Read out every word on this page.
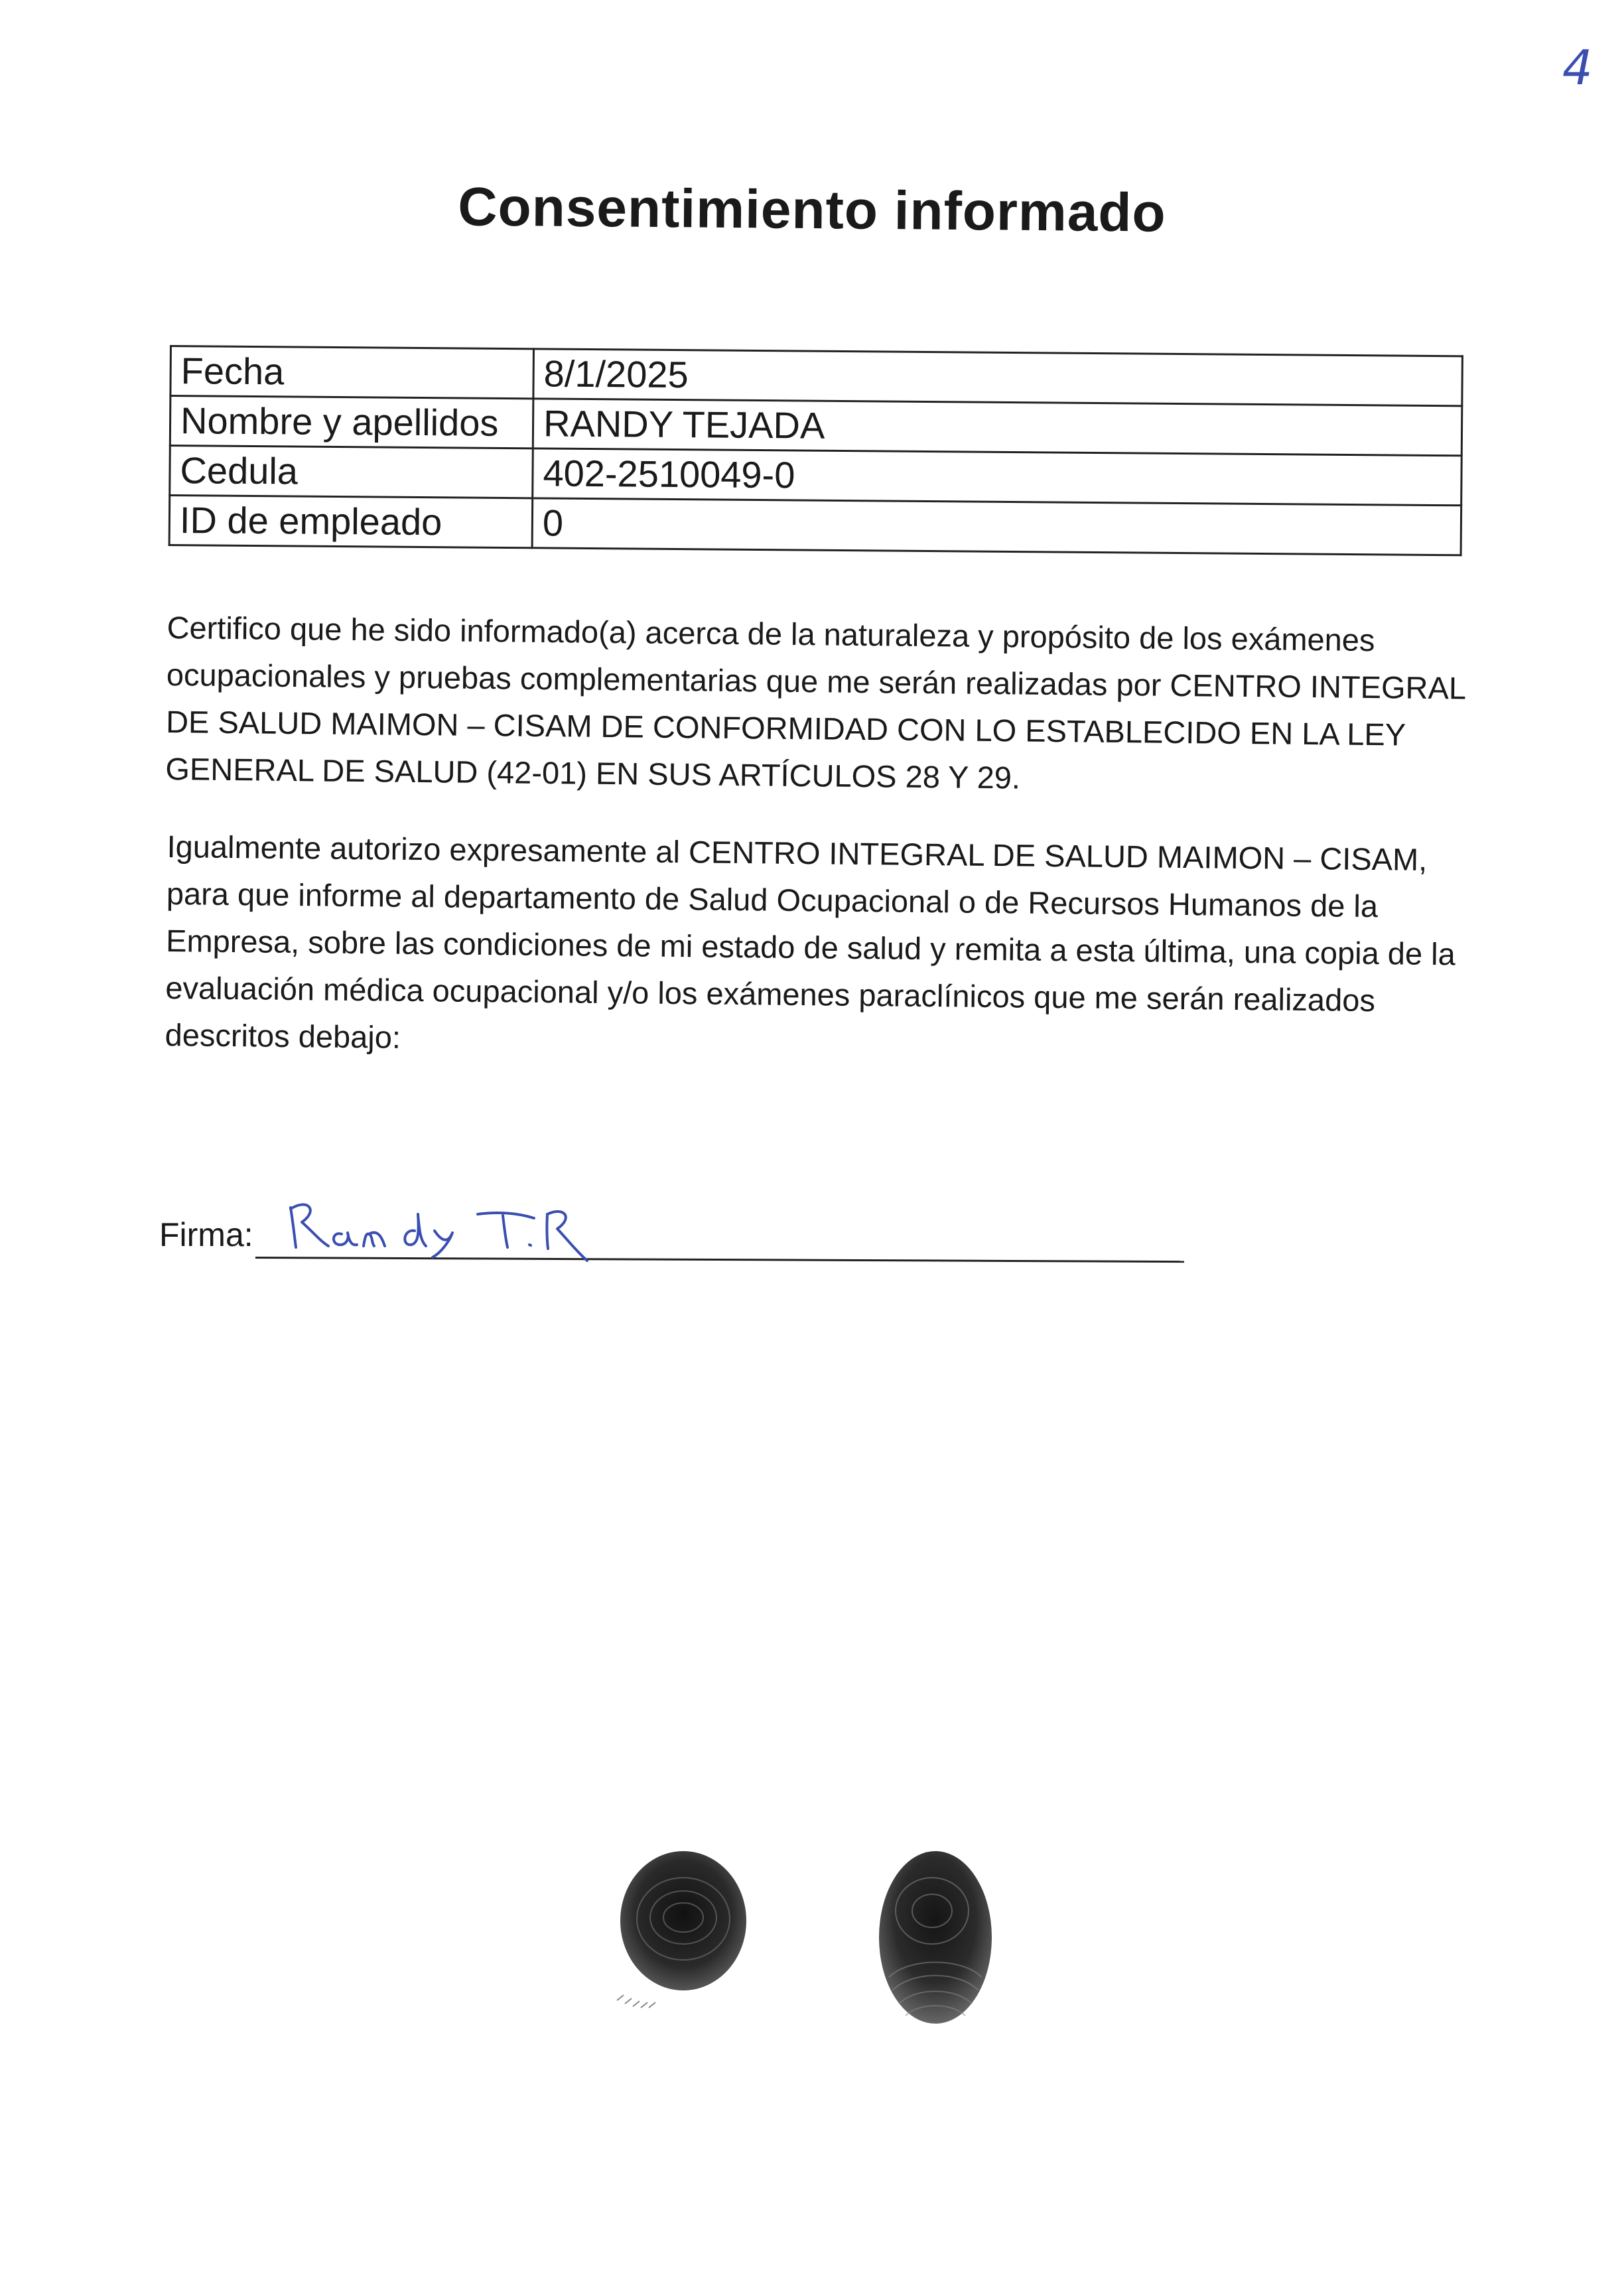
4
Consentimiento informado
Fecha	8/1/2025
Nombre y apellidos	RANDY TEJADA
Cedula	402-2510049-0
ID de empleado	0

Certifico que he sido informado(a) acerca de la naturaleza y propósito de los exámenes ocupacionales y pruebas complementarias que me serán realizadas por CENTRO INTEGRAL DE SALUD MAIMON – CISAM DE CONFORMIDAD CON LO ESTABLECIDO EN LA LEY GENERAL DE SALUD (42-01) EN SUS ARTÍCULOS 28 Y 29.

Igualmente autorizo expresamente al CENTRO INTEGRAL DE SALUD MAIMON – CISAM, para que informe al departamento de Salud Ocupacional o de Recursos Humanos de la Empresa, sobre las condiciones de mi estado de salud y remita a esta última, una copia de la evaluación médica ocupacional y/o los exámenes paraclínicos que me serán realizados descritos debajo:

Firma:
